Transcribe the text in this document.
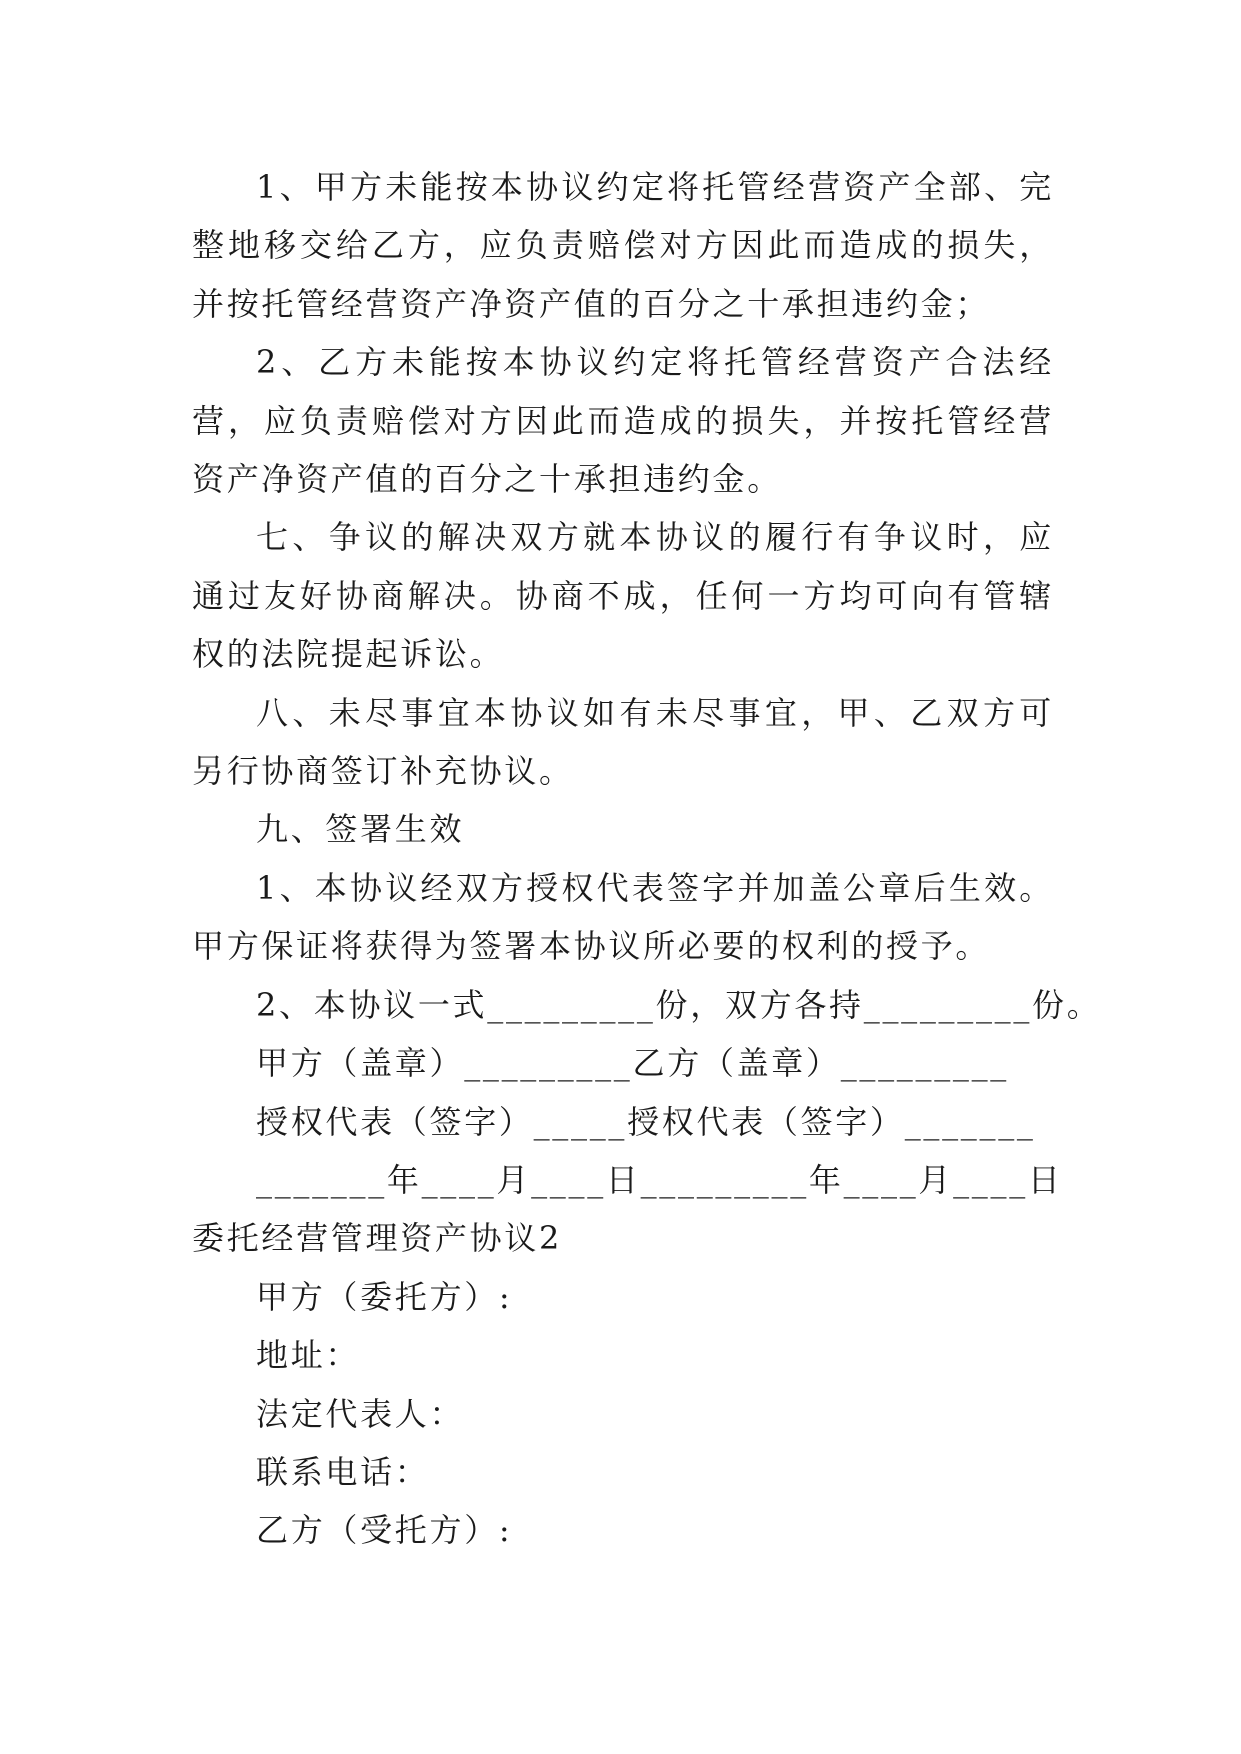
1、甲方未能按本协议约定将托管经营资产全部、完整地移交给乙方，应负责赔偿对方因此而造成的损失，并按托管经营资产净资产值的百分之十承担违约金；

2、乙方未能按本协议约定将托管经营资产合法经营，应负责赔偿对方因此而造成的损失，并按托管经营资产净资产值的百分之十承担违约金。

七、争议的解决双方就本协议的履行有争议时，应通过友好协商解决。协商不成，任何一方均可向有管辖权的法院提起诉讼。

八、未尽事宜本协议如有未尽事宜，甲、乙双方可另行协商签订补充协议。

九、签署生效

1、本协议经双方授权代表签字并加盖公章后生效。甲方保证将获得为签署本协议所必要的权利的授予。

2、本协议一式_________份，双方各持_________份。

甲方（盖章）_________乙方（盖章）_________

授权代表（签字）_____授权代表（签字）_______

_______年____月____日_________年____月____日

委托经营管理资产协议2

甲方（委托方）:

地址：

法定代表人：

联系电话：

乙方（受托方）:
